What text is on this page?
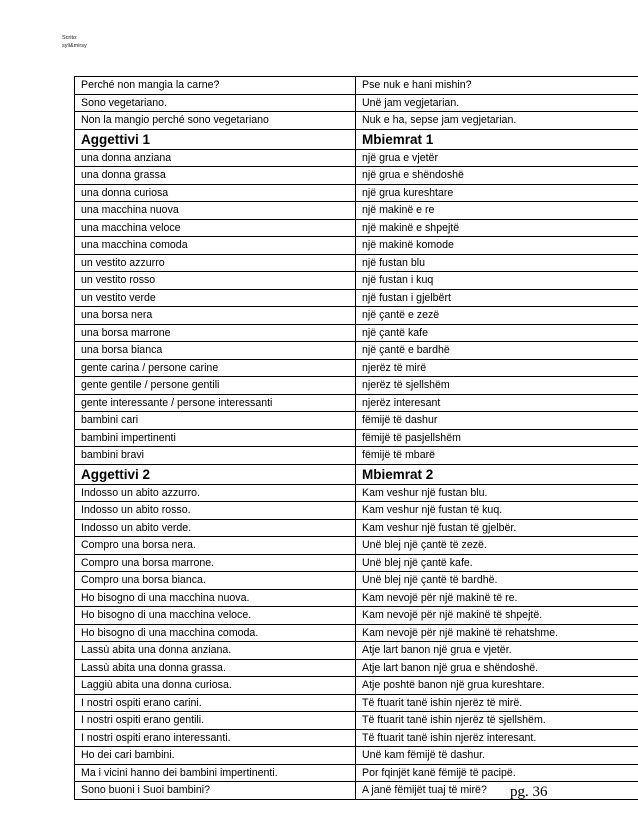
Scrito:
syli&mirsy
Perché non mangia la carne?	Pse nuk e hani mishin?
Sono vegetariano.	Unë jam vegjetarian.
Non la mangio perché sono vegetariano	Nuk e ha, sepse jam vegjetarian.
Aggettivi 1	Mbiemrat 1
una donna anziana	një grua e vjetër
una donna grassa	një grua e shëndoshë
una donna curiosa	një grua kureshtare
una macchina nuova	një makinë e re
una macchina veloce	një makinë e shpejtë
una macchina comoda	një makinë komode
un vestito azzurro	një fustan blu
un vestito rosso	një fustan i kuq
un vestito verde	një fustan i gjelbërt
una borsa nera	një çantë e zezë
una borsa marrone	një çantë kafe
una borsa bianca	një çantë e bardhë
gente carina / persone carine	njerëz të mirë
gente gentile / persone gentili	njerëz të sjellshëm
gente interessante / persone interessanti	njerëz interesant
bambini cari	fëmijë të dashur
bambini impertinenti	fëmijë të pasjellshëm
bambini bravi	fëmijë të mbarë
Aggettivi 2	Mbiemrat 2
Indosso un abito azzurro.	Kam veshur një fustan blu.
Indosso un abito rosso.	Kam veshur një fustan të kuq.
Indosso un abito verde.	Kam veshur një fustan të gjelbër.
Compro una borsa nera.	Unë blej një çantë të zezë.
Compro una borsa marrone.	Unë blej një çantë kafe.
Compro una borsa bianca.	Unë blej një çantë të bardhë.
Ho bisogno di una macchina nuova.	Kam nevojë për një makinë të re.
Ho bisogno di una macchina veloce.	Kam nevojë për një makinë të shpejtë.
Ho bisogno di una macchina comoda.	Kam nevojë për një makinë të rehatshme.
Lassù abita una donna anziana.	Atje lart banon një grua e vjetër.
Lassù abita una donna grassa.	Atje lart banon një grua e shëndoshë.
Laggiù abita una donna curiosa.	Atje poshtë banon një grua kureshtare.
I nostri ospiti erano carini.	Të ftuarit tanë ishin njerëz të mirë.
I nostri ospiti erano gentili.	Të ftuarit tanë ishin njerëz të sjellshëm.
I nostri ospiti erano interessanti.	Të ftuarit tanë ishin njerëz interesant.
Ho dei cari bambini.	Unë kam fëmijë të dashur.
Ma i vicini hanno dei bambini impertinenti.	Por fqinjët kanë fëmijë të pacipë.
Sono buoni i Suoi bambini?	A janë fëmijët tuaj të mirë? pg. 36
